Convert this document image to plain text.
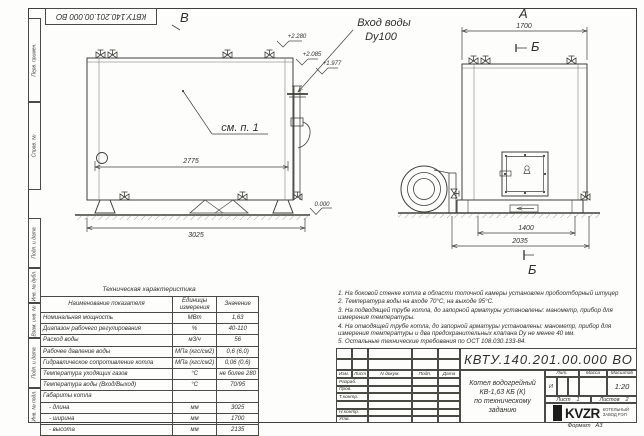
Перв. примен.
Справ. №
Подп. и дата
Инв. № дубл.
Взам. инв. №
Подп. и дата
Инв. № подл.
КВТУ.140.201.00.000 ВО
2775
3025
+2.280
+2.085
+1.977
0.000
см. п. 1
В	Вход воды
Dy100
А
1700
Б
Б
1400
2035
Техническая характеристика
Наименование показателя	Единицы измерения	Значение
Номинальная мощность	МВт	1,63
Диапазон рабочего регулирования	%	40-110
Расход воды	м3/ч	56
Рабочее давление воды	МПа (кгс/см2)	0,6 (6,0)
Гидравлическое сопротивление котла	МПа (кгс/см2)	0,06 (0,6)
Температура уходящих газов	°С	не более 280
Температура воды (Вход/Выход)	°С	70/95
Габариты котла		
- длина	мм	3025
- ширина	мм	1700
- высота	мм	2135

1. На боковой стенке котла в области топочной камеры установлен пробоотборный штуцер

2. Температура воды на входе 70°С, на выходе 95°С.

3. На подводящей трубе котла, до запорной арматуры установлены: манометр, прибор для измерения температуры.

4. На отводящей трубе котла, до запорной арматуры установлены: манометр, прибор для измерения температуры и два предохранительных клапана Dу не менее 40 мм.

5. Остальные технические требования по ОСТ 108.030.133-84.

Изм. Лист	N докум.	Подп.	Дата
Разраб.
Пров.
Т.контр.
Н.контр.
Утв.
КВТУ.140.201.00.000 ВО
Котел водогрейный
КВ-1,63 КБ (К)
по техническому заданию
Лит.	Масса	Масштаб
И	1:20
Лист 1	Листов 2
KVZR КОТЕЛЬНЫЙ
ЗАВОД РЭП
Формат А3
